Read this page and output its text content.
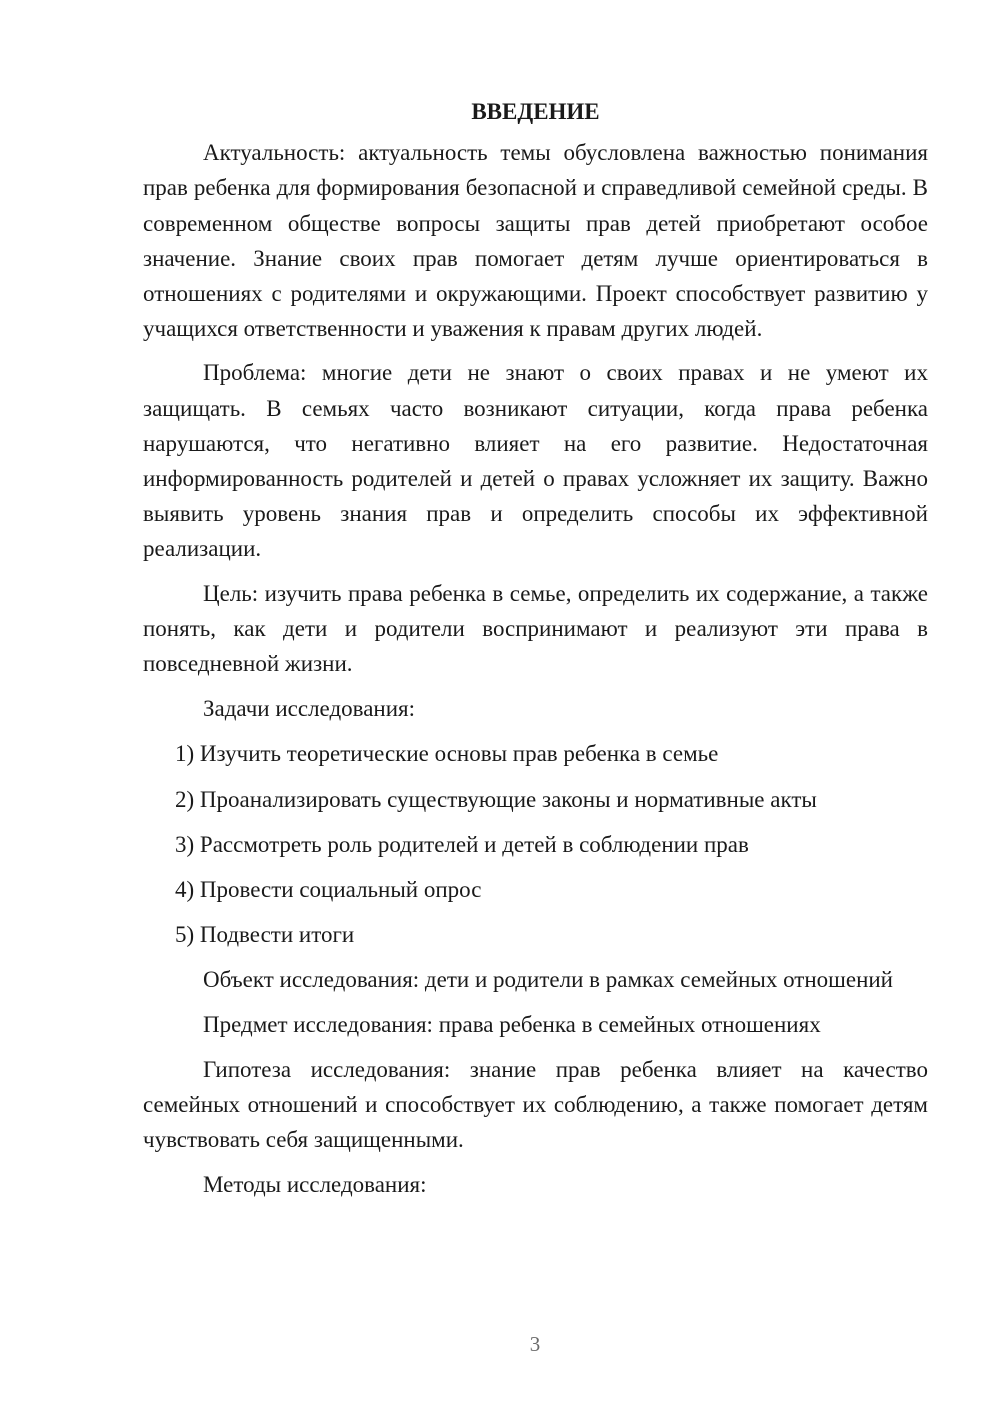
ВВЕДЕНИЕ

Актуальность: актуальность темы обусловлена важностью понимания прав ребенка для формирования безопасной и справедливой семейной среды. В современном обществе вопросы защиты прав детей приобретают особое значение. Знание своих прав помогает детям лучше ориентироваться в отношениях с родителями и окружающими. Проект способствует развитию у учащихся ответственности и уважения к правам других людей.

Проблема: многие дети не знают о своих правах и не умеют их защищать. В семьях часто возникают ситуации, когда права ребенка нарушаются, что негативно влияет на его развитие. Недостаточная информированность родителей и детей о правах усложняет их защиту. Важно выявить уровень знания прав и определить способы их эффективной реализации.

Цель: изучить права ребенка в семье, определить их содержание, а также понять, как дети и родители воспринимают и реализуют эти права в повседневной жизни.

Задачи исследования:

1) Изучить теоретические основы прав ребенка в семье
2) Проанализировать существующие законы и нормативные акты
3) Рассмотреть роль родителей и детей в соблюдении прав
4) Провести социальный опрос
5) Подвести итоги

Объект исследования: дети и родители в рамках семейных отношений

Предмет исследования: права ребенка в семейных отношениях

Гипотеза исследования: знание прав ребенка влияет на качество семейных отношений и способствует их соблюдению, а также помогает детям чувствовать себя защищенными.

Методы исследования:

3
